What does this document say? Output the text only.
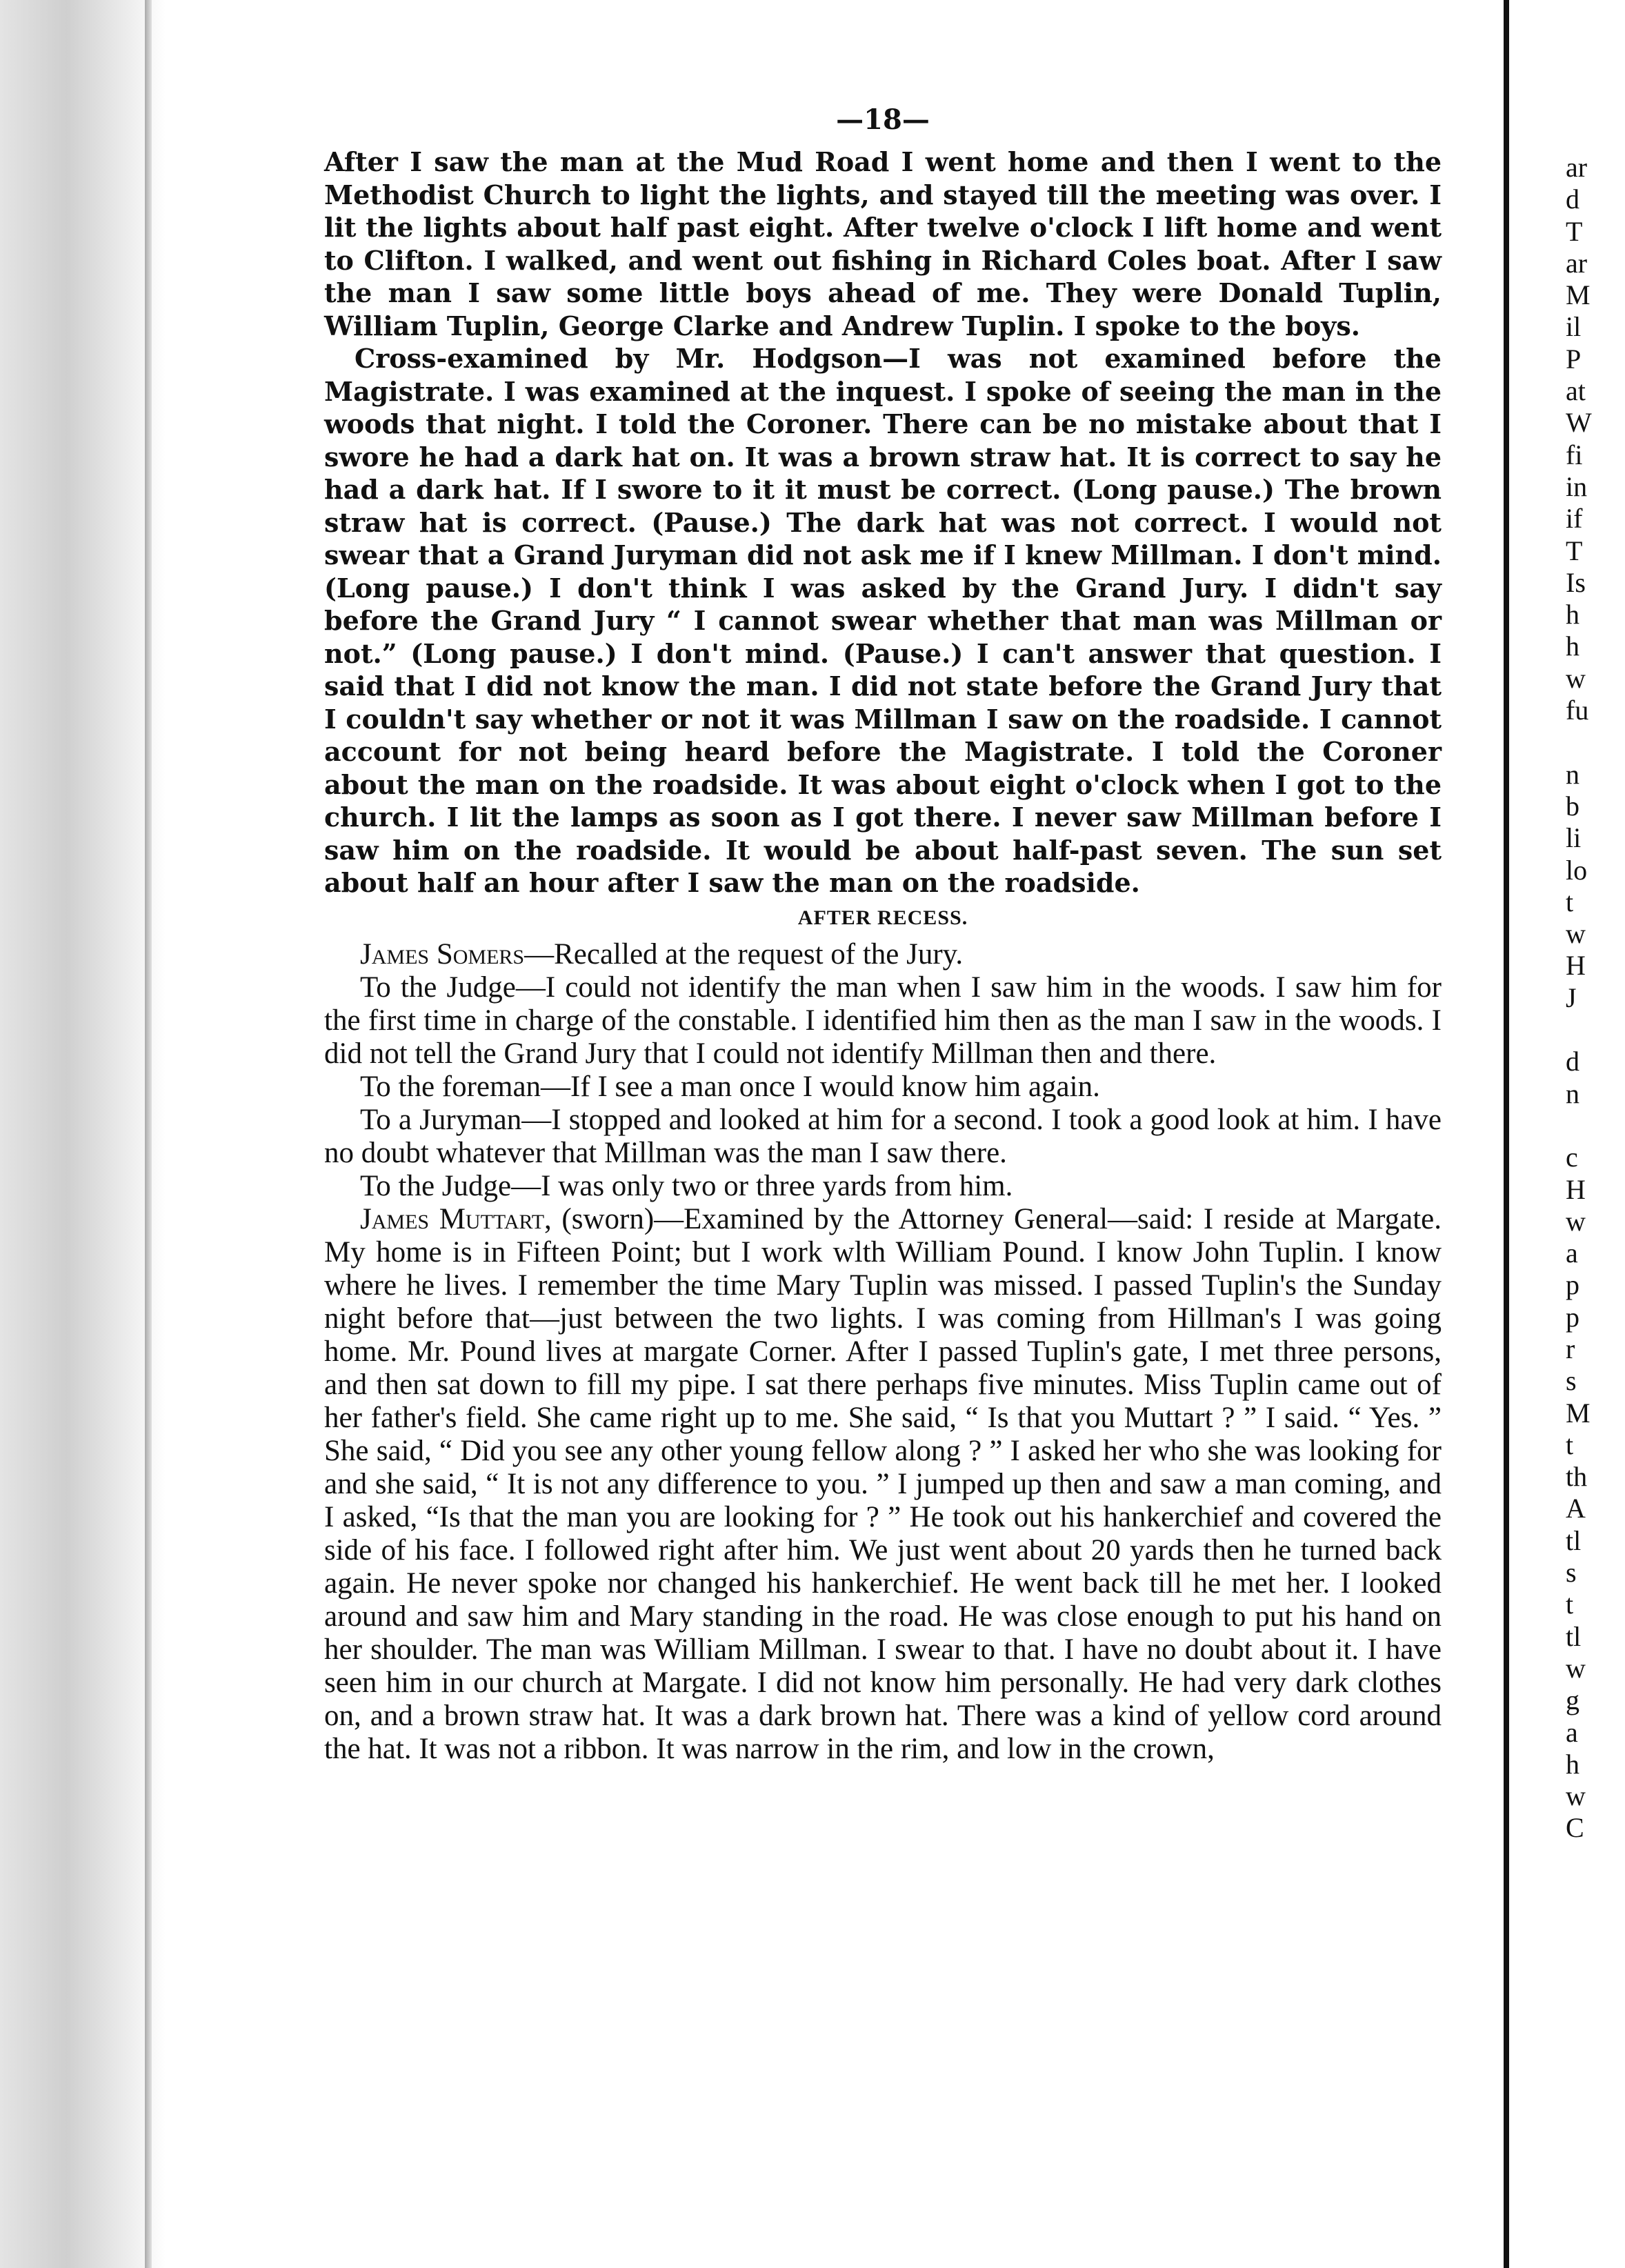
—18—

After I saw the man at the Mud Road I went home and then I went to the Methodist Church to light the lights, and stayed till the meeting was over. I lit the lights about half past eight. After twelve o'clock I lift home and went to Clifton. I walked, and went out fishing in Richard Coles boat. After I saw the man I saw some little boys ahead of me. They were Donald Tuplin, William Tuplin, George Clarke and Andrew Tuplin. I spoke to the boys.

Cross-examined by Mr. Hodgson—I was not examined before the Magistrate. I was examined at the inquest. I spoke of seeing the man in the woods that night. I told the Coroner. There can be no mistake about that I swore he had a dark hat on. It was a brown straw hat. It is correct to say he had a dark hat. If I swore to it it must be correct. (Long pause.) The brown straw hat is correct. (Pause.) The dark hat was not correct. I would not swear that a Grand Juryman did not ask me if I knew Millman. I don't mind. (Long pause.) I don't think I was asked by the Grand Jury. I didn't say before the Grand Jury “ I cannot swear whether that man was Millman or not.” (Long pause.) I don't mind. (Pause.) I can't answer that question. I said that I did not know the man. I did not state before the Grand Jury that I couldn't say whether or not it was Millman I saw on the roadside. I cannot account for not being heard before the Magistrate. I told the Coroner about the man on the roadside. It was about eight o'clock when I got to the church. I lit the lamps as soon as I got there. I never saw Millman before I saw him on the roadside. It would be about half-past seven. The sun set about half an hour after I saw the man on the roadside.

AFTER RECESS.

James Somers—Recalled at the request of the Jury.

To the Judge—I could not identify the man when I saw him in the woods. I saw him for the first time in charge of the constable. I identified him then as the man I saw in the woods. I did not tell the Grand Jury that I could not identify Millman then and there.

To the foreman—If I see a man once I would know him again.

To a Juryman—I stopped and looked at him for a second. I took a good look at him. I have no doubt whatever that Millman was the man I saw there.

To the Judge—I was only two or three yards from him.

James Muttart, (sworn)—Examined by the Attorney General—said: I reside at Margate. My home is in Fifteen Point; but I work wlth William Pound. I know John Tuplin. I know where he lives. I remember the time Mary Tuplin was missed. I passed Tuplin's the Sunday night before that—just between the two lights. I was coming from Hillman's I was going home. Mr. Pound lives at margate Corner. After I passed Tuplin's gate, I met three persons, and then sat down to fill my pipe. I sat there perhaps five minutes. Miss Tuplin came out of her father's field. She came right up to me. She said, “ Is that you Muttart ? ” I said. “ Yes. ” She said, “ Did you see any other young fellow along ? ” I asked her who she was looking for and she said, “ It is not any difference to you. ” I jumped up then and saw a man coming, and I asked, “Is that the man you are looking for ? ” He took out his hankerchief and covered the side of his face. I followed right after him. We just went about 20 yards then he turned back again. He never spoke nor changed his hankerchief. He went back till he met her. I looked around and saw him and Mary standing in the road. He was close enough to put his hand on her shoulder. The man was William Millman. I swear to that. I have no doubt about it. I have seen him in our church at Margate. I did not know him personally. He had very dark clothes on, and a brown straw hat. It was a dark brown hat. There was a kind of yellow cord around the hat. It was not a ribbon. It was narrow in the rim, and low in the crown,

ar
d
T
ar
M
il
P
at
W
fi
in
if
T
Is
h
h
w
fu
n
b
li
lo
t
w
H
J
d
n
c
H
w
a
p
p
r
s
M
t
th
A
tl
s
t
tl
w
g
a
h
w
C
